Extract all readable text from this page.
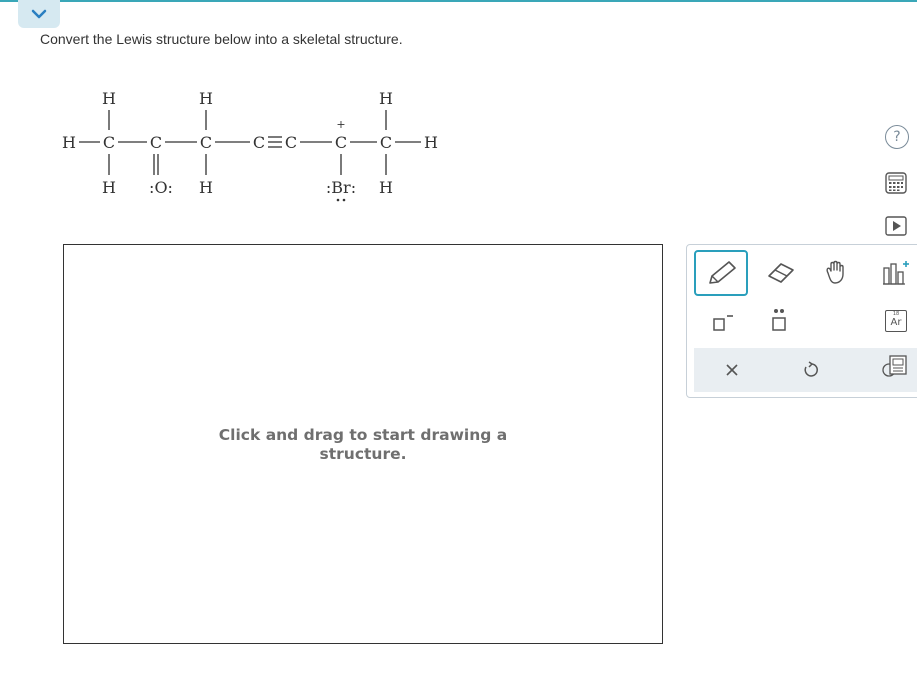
Convert the Lewis structure below into a skeletal structure.
H	H	H
H C C C	C C
+
C C H
H :O: H	:Br: H
Click and drag to start drawing a
structure.
?
18
Ar
